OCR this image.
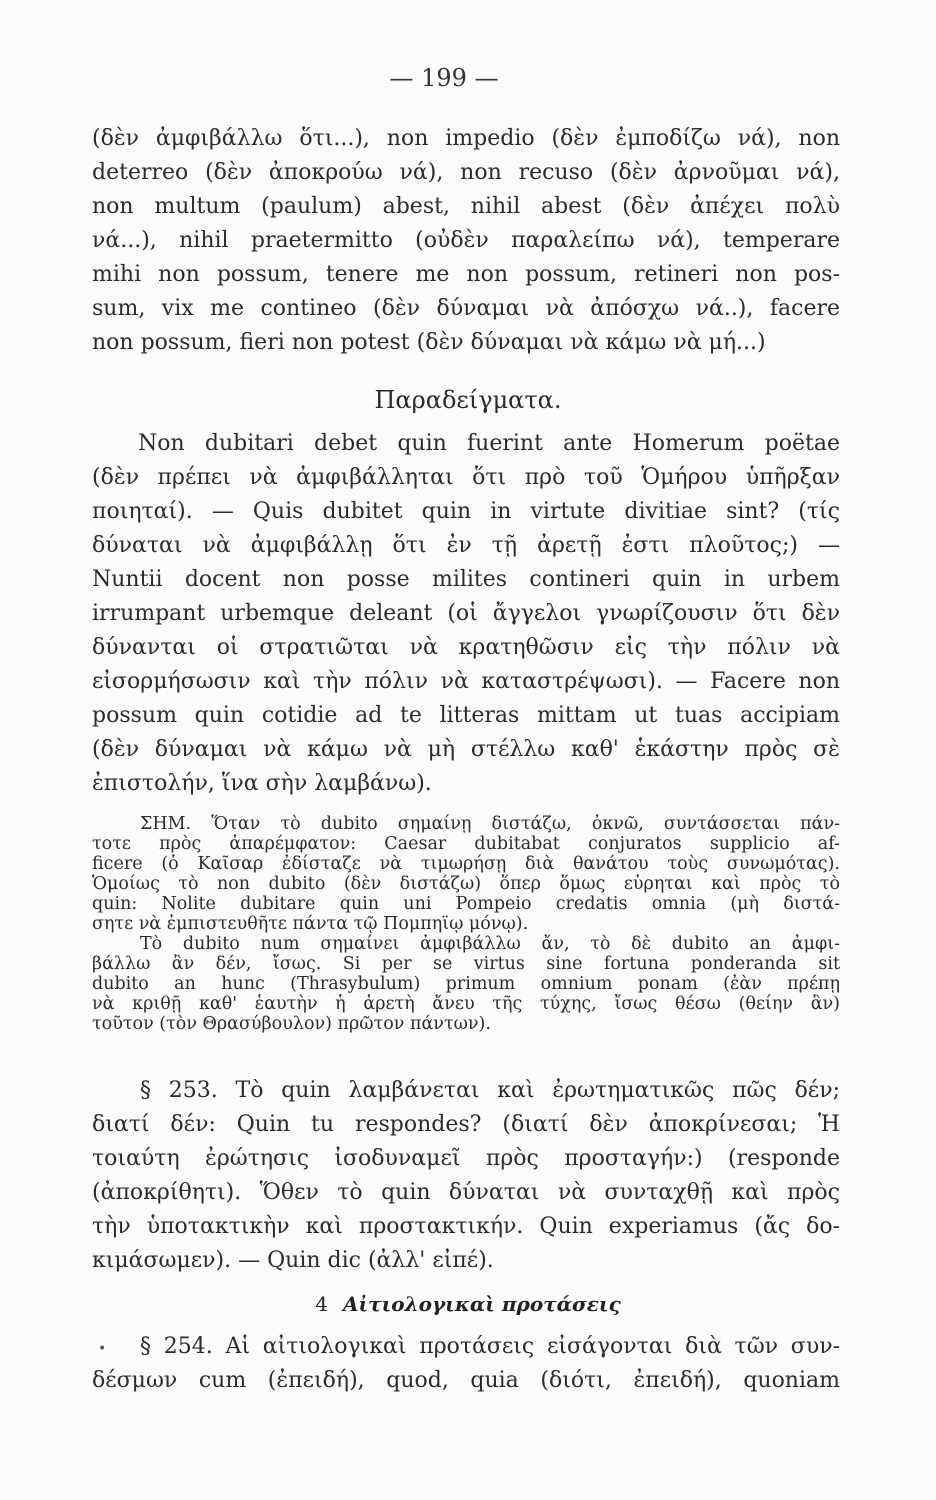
— 199 —
(δὲν ἀμφιβάλλω ὅτι...), non impedio (δὲν ἐμποδίζω νά), non
deterreo (δὲν ἀποκρούω νά), non recuso (δὲν ἀρνοῦμαι νά),
non multum (paulum) abest, nihil abest (δὲν ἀπέχει πολὺ
νά...), nihil praetermitto (οὐδὲν παραλείπω νά), temperare
mihi non possum, tenere me non possum, retineri non pos-
sum, vix me contineo (δὲν δύναμαι νὰ ἀπόσχω νά..), facere
non possum, fieri non potest (δὲν δύναμαι νὰ κάμω νὰ μή...)
Παραδείγματα.
Non dubitari debet quin fuerint ante Homerum poëtae
(δὲν πρέπει νὰ ἀμφιβάλληται ὅτι πρὸ τοῦ Ὁμήρου ὑπῆρξαν
ποιηταί). — Quis dubitet quin in virtute divitiae sint? (τίς
δύναται νὰ ἀμφιβάλλῃ ὅτι ἐν τῇ ἀρετῇ ἐστι πλοῦτος;) —
Nuntii docent non posse milites contineri quin in urbem
irrumpant urbemque deleant (οἱ ἄγγελοι γνωρίζουσιν ὅτι δὲν
δύνανται οἱ στρατιῶται νὰ κρατηθῶσιν εἰς τὴν πόλιν νὰ
εἰσορμήσωσιν καὶ τὴν πόλιν νὰ καταστρέψωσι). — Facere non
possum quin cotidie ad te litteras mittam ut tuas accipiam
(δὲν δύναμαι νὰ κάμω νὰ μὴ στέλλω καθ' ἑκάστην πρὸς σὲ
ἐπιστολήν, ἵνα σὴν λαμβάνω).
ΣΗΜ. Ὅταν τὸ dubito σημαίνῃ διστάζω, ὀκνῶ, συντάσσεται πάν-
τοτε πρὸς ἀπαρέμφατον: Caesar dubitabat conjuratos supplicio af-
ficere (ὁ Καῖσαρ ἐδίσταζε νὰ τιμωρήσῃ διὰ θανάτου τοὺς συνωμότας).
Ὁμοίως τὸ non dubito (δὲν διστάζω) ὅπερ ὅμως εὑρηται καὶ πρὸς τὸ
quin: Nolite dubitare quin uni Pompeio credatis omnia (μὴ διστά-
σητε νὰ ἐμπιστευθῆτε πάντα τῷ Πομπηΐῳ μόνῳ).
Τὸ dubito num σημαίνει ἀμφιβάλλω ἄν, τὸ δὲ dubito an ἀμφι-
βάλλω ἂν δέν, ἴσως. Si per se virtus sine fortuna ponderanda sit
dubito an hunc (Thrasybulum) primum omnium ponam (ἐὰν πρέπῃ
νὰ κριθῇ καθ' ἑαυτὴν ἡ ἀρετὴ ἄνευ τῆς τύχης, ἴσως θέσω (θείην ἂν)
τοῦτον (τὸν Θρασύβουλον) πρῶτον πάντων).
§ 253. Τὸ quin λαμβάνεται καὶ ἐρωτηματικῶς πῶς δέν;
διατί δέν: Quin tu respondes? (διατί δὲν ἀποκρίνεσαι; Ἡ
τοιαύτη ἐρώτησις ἰσοδυναμεῖ πρὸς προσταγήν:) (responde
(ἀποκρίθητι). Ὅθεν τὸ quin δύναται νὰ συνταχθῇ καὶ πρὸς
τὴν ὑποτακτικὴν καὶ προστακτικήν. Quin experiamus (ἄς δο-
κιμάσωμεν). — Quin dic (ἀλλ' εἰπέ).
4 Αἰτιολογικαὶ προτάσεις
•	§ 254. Αἱ αἰτιολογικαὶ προτάσεις εἰσάγονται διὰ τῶν συν-
δέσμων cum (ἐπειδή), quod, quia (διότι, ἐπειδή), quoniam
